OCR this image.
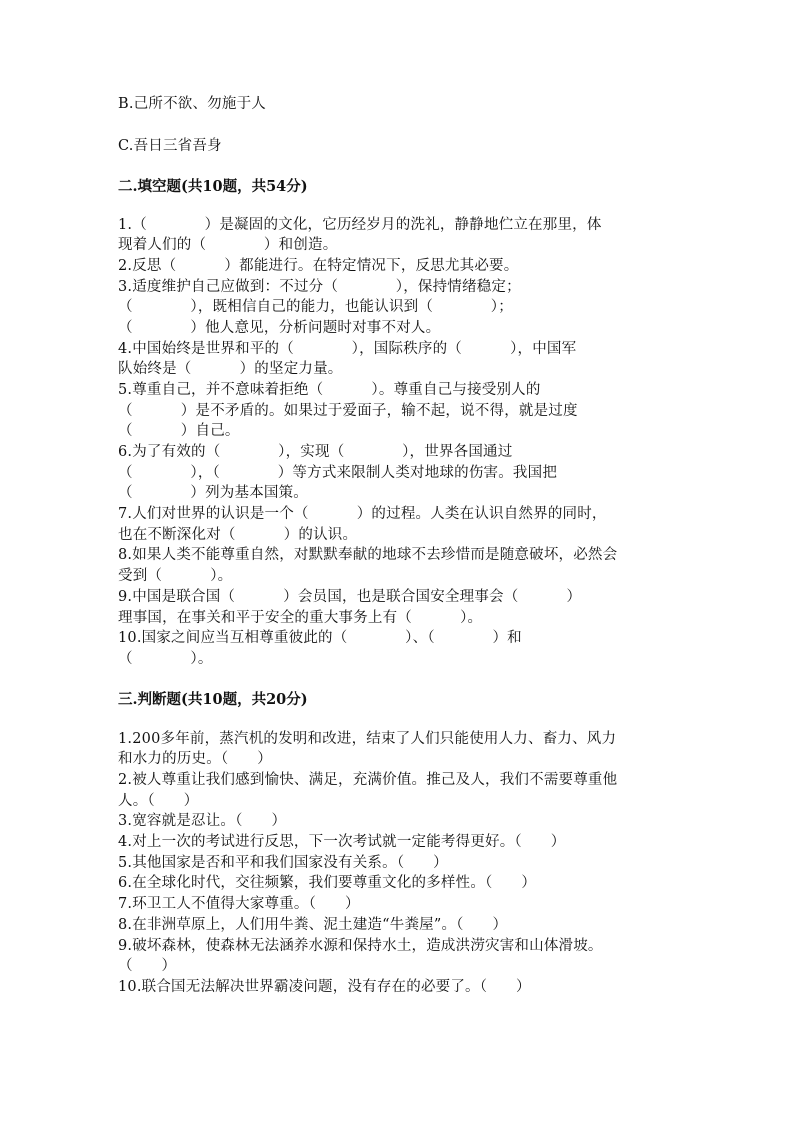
B.己所不欲、勿施于人
C.吾日三省吾身
二.填空题(共10题，共54分)
1.（            ）是凝固的文化，它历经岁月的洗礼，静静地伫立在那里，体
现着人们的（            ）和创造。
2.反思（          ）都能进行。在特定情况下，反思尤其必要。
3.适度维护自己应做到：不过分（            ），保持情绪稳定；
（            ），既相信自己的能力，也能认识到（            ）；
（            ）他人意见，分析问题时对事不对人。
4.中国始终是世界和平的（            ），国际秩序的（          ），中国军
队始终是（          ）的坚定力量。
5.尊重自己，并不意味着拒绝（          ）。尊重自己与接受别人的
（          ）是不矛盾的。如果过于爱面子，输不起，说不得，就是过度
（          ）自己。
6.为了有效的（            ），实现（            ），世界各国通过
（            ），（            ）等方式来限制人类对地球的伤害。我国把
（            ）列为基本国策。
7.人们对世界的认识是一个（          ）的过程。人类在认识自然界的同时，
也在不断深化对（          ）的认识。
8.如果人类不能尊重自然，对默默奉献的地球不去珍惜而是随意破坏，必然会
受到（          ）。
9.中国是联合国（          ）会员国，也是联合国安全理事会（          ）
理事国，在事关和平于安全的重大事务上有（          ）。
10.国家之间应当互相尊重彼此的（            ）、（            ）和
（            ）。
三.判断题(共10题，共20分)
1.200多年前，蒸汽机的发明和改进，结束了人们只能使用人力、畜力、风力
和水力的历史。（      ）
2.被人尊重让我们感到愉快、满足，充满价值。推己及人，我们不需要尊重他
人。（      ）
3.宽容就是忍让。（      ）
4.对上一次的考试进行反思，下一次考试就一定能考得更好。（      ）
5.其他国家是否和平和我们国家没有关系。（      ）
6.在全球化时代，交往频繁，我们要尊重文化的多样性。（      ）
7.环卫工人不值得大家尊重。（      ）
8.在非洲草原上，人们用牛粪、泥土建造“牛粪屋”。（      ）
9.破坏森林，使森林无法涵养水源和保持水土，造成洪涝灾害和山体滑坡。
（      ）
10.联合国无法解决世界霸凌问题，没有存在的必要了。（      ）
